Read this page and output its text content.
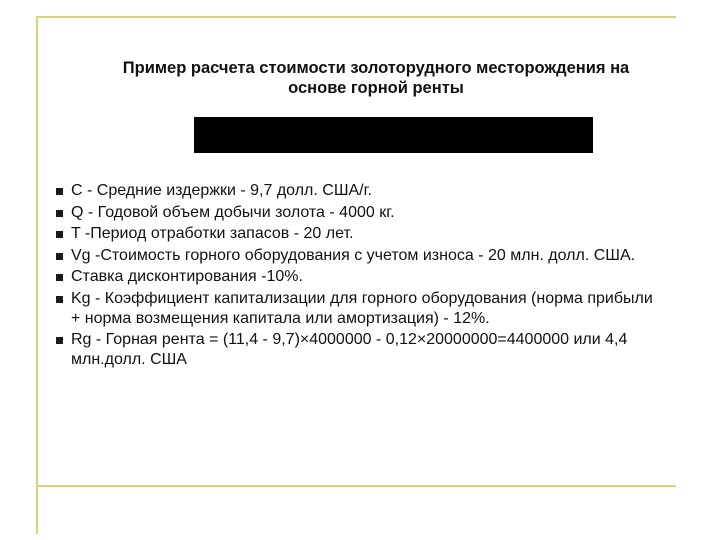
Пример расчета стоимости золоторудного месторождения на
основе горной ренты
C - Средние издержки - 9,7 долл. США/г.
Q - Годовой объем добычи золота - 4000 кг.
T -Период отработки запасов - 20 лет.
Vg -Стоимость горного оборудования с учетом износа - 20 млн. долл. США.
Ставка дисконтирования -10%.
Kg - Коэффициент капитализации для горного оборудования (норма прибыли + норма возмещения капитала или амортизация) - 12%.
Rg - Горная рента = (11,4 - 9,7)×4000000 - 0,12×20000000=4400000 или 4,4 млн.долл. США
